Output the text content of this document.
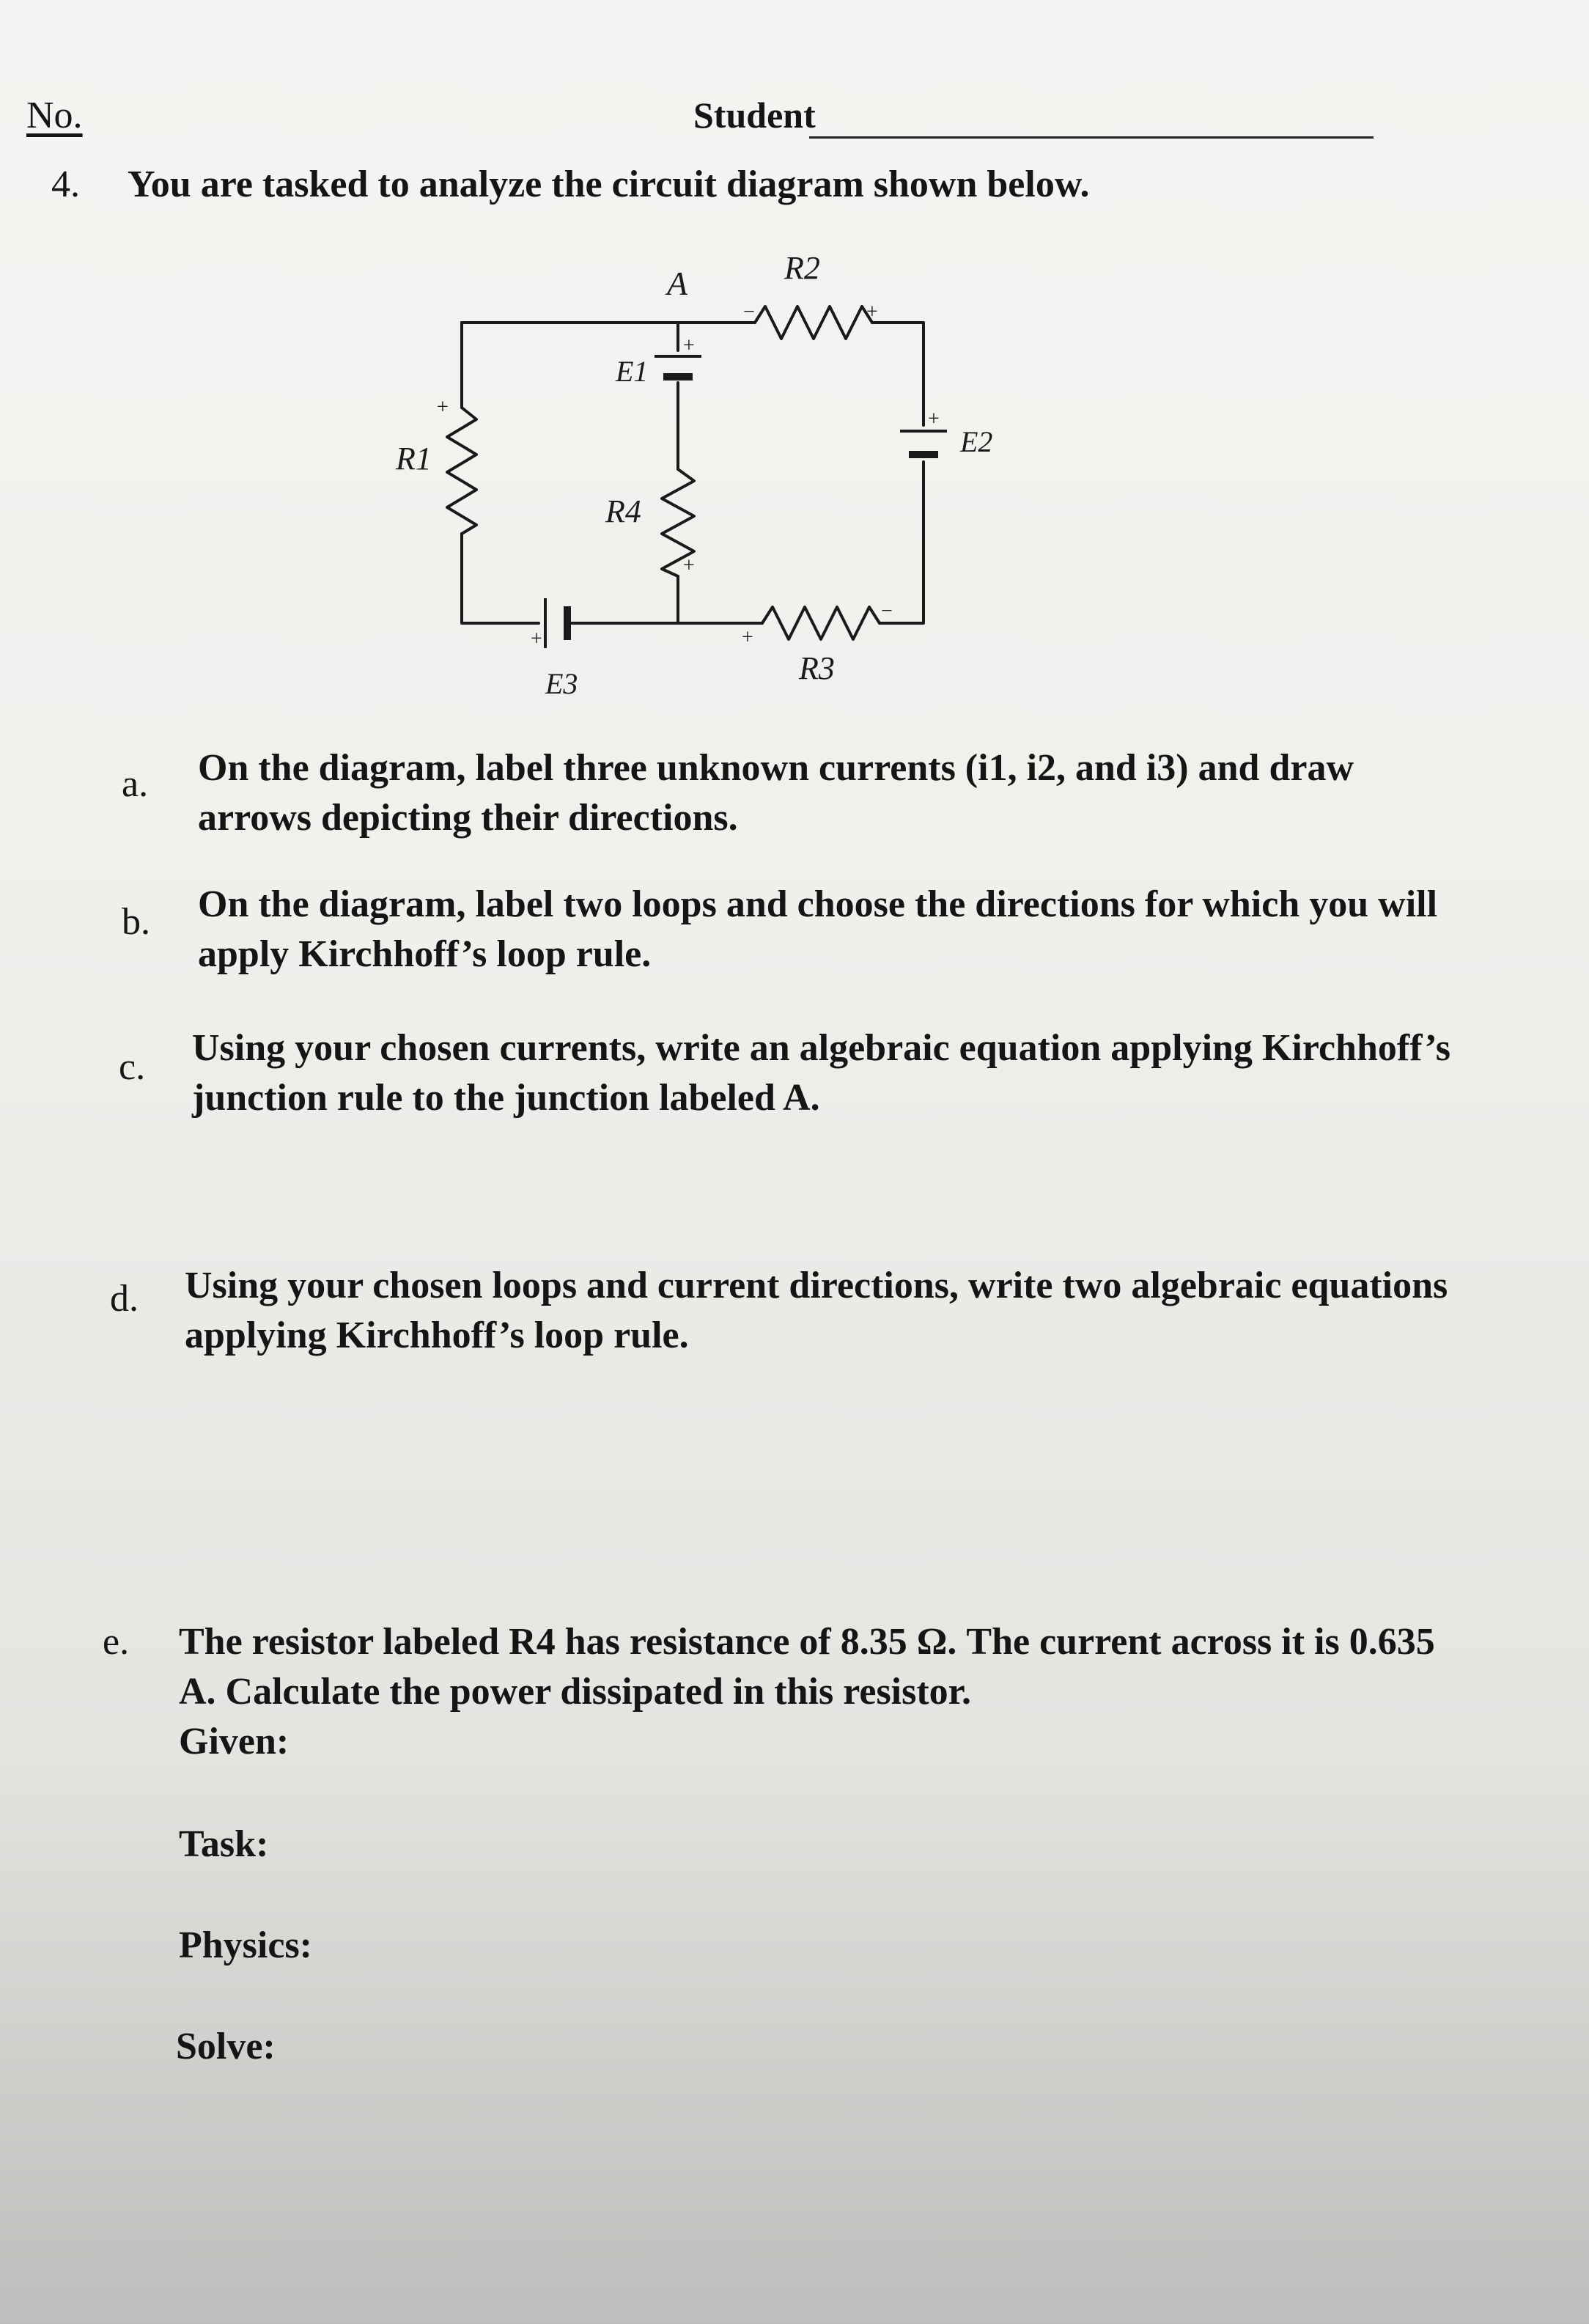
No.	Student
4. You are tasked to analyze the circuit diagram shown below.
A	R2
E1
R1
R4
E2
R3
E3
+
+
+
+
+
+
+
−
−
a. On the diagram, label three unknown currents (i1, i2, and i3) and draw arrows depicting their directions.
b. On the diagram, label two loops and choose the directions for which you will apply Kirchhoff’s loop rule.
c. Using your chosen currents, write an algebraic equation applying Kirchhoff’s junction rule to the junction labeled A.
d. Using your chosen loops and current directions, write two algebraic equations applying Kirchhoff’s loop rule.
e. The resistor labeled R4 has resistance of 8.35 Ω. The current across it is 0.635 A. Calculate the power dissipated in this resistor.
Given:
Task:
Physics:
Solve:
